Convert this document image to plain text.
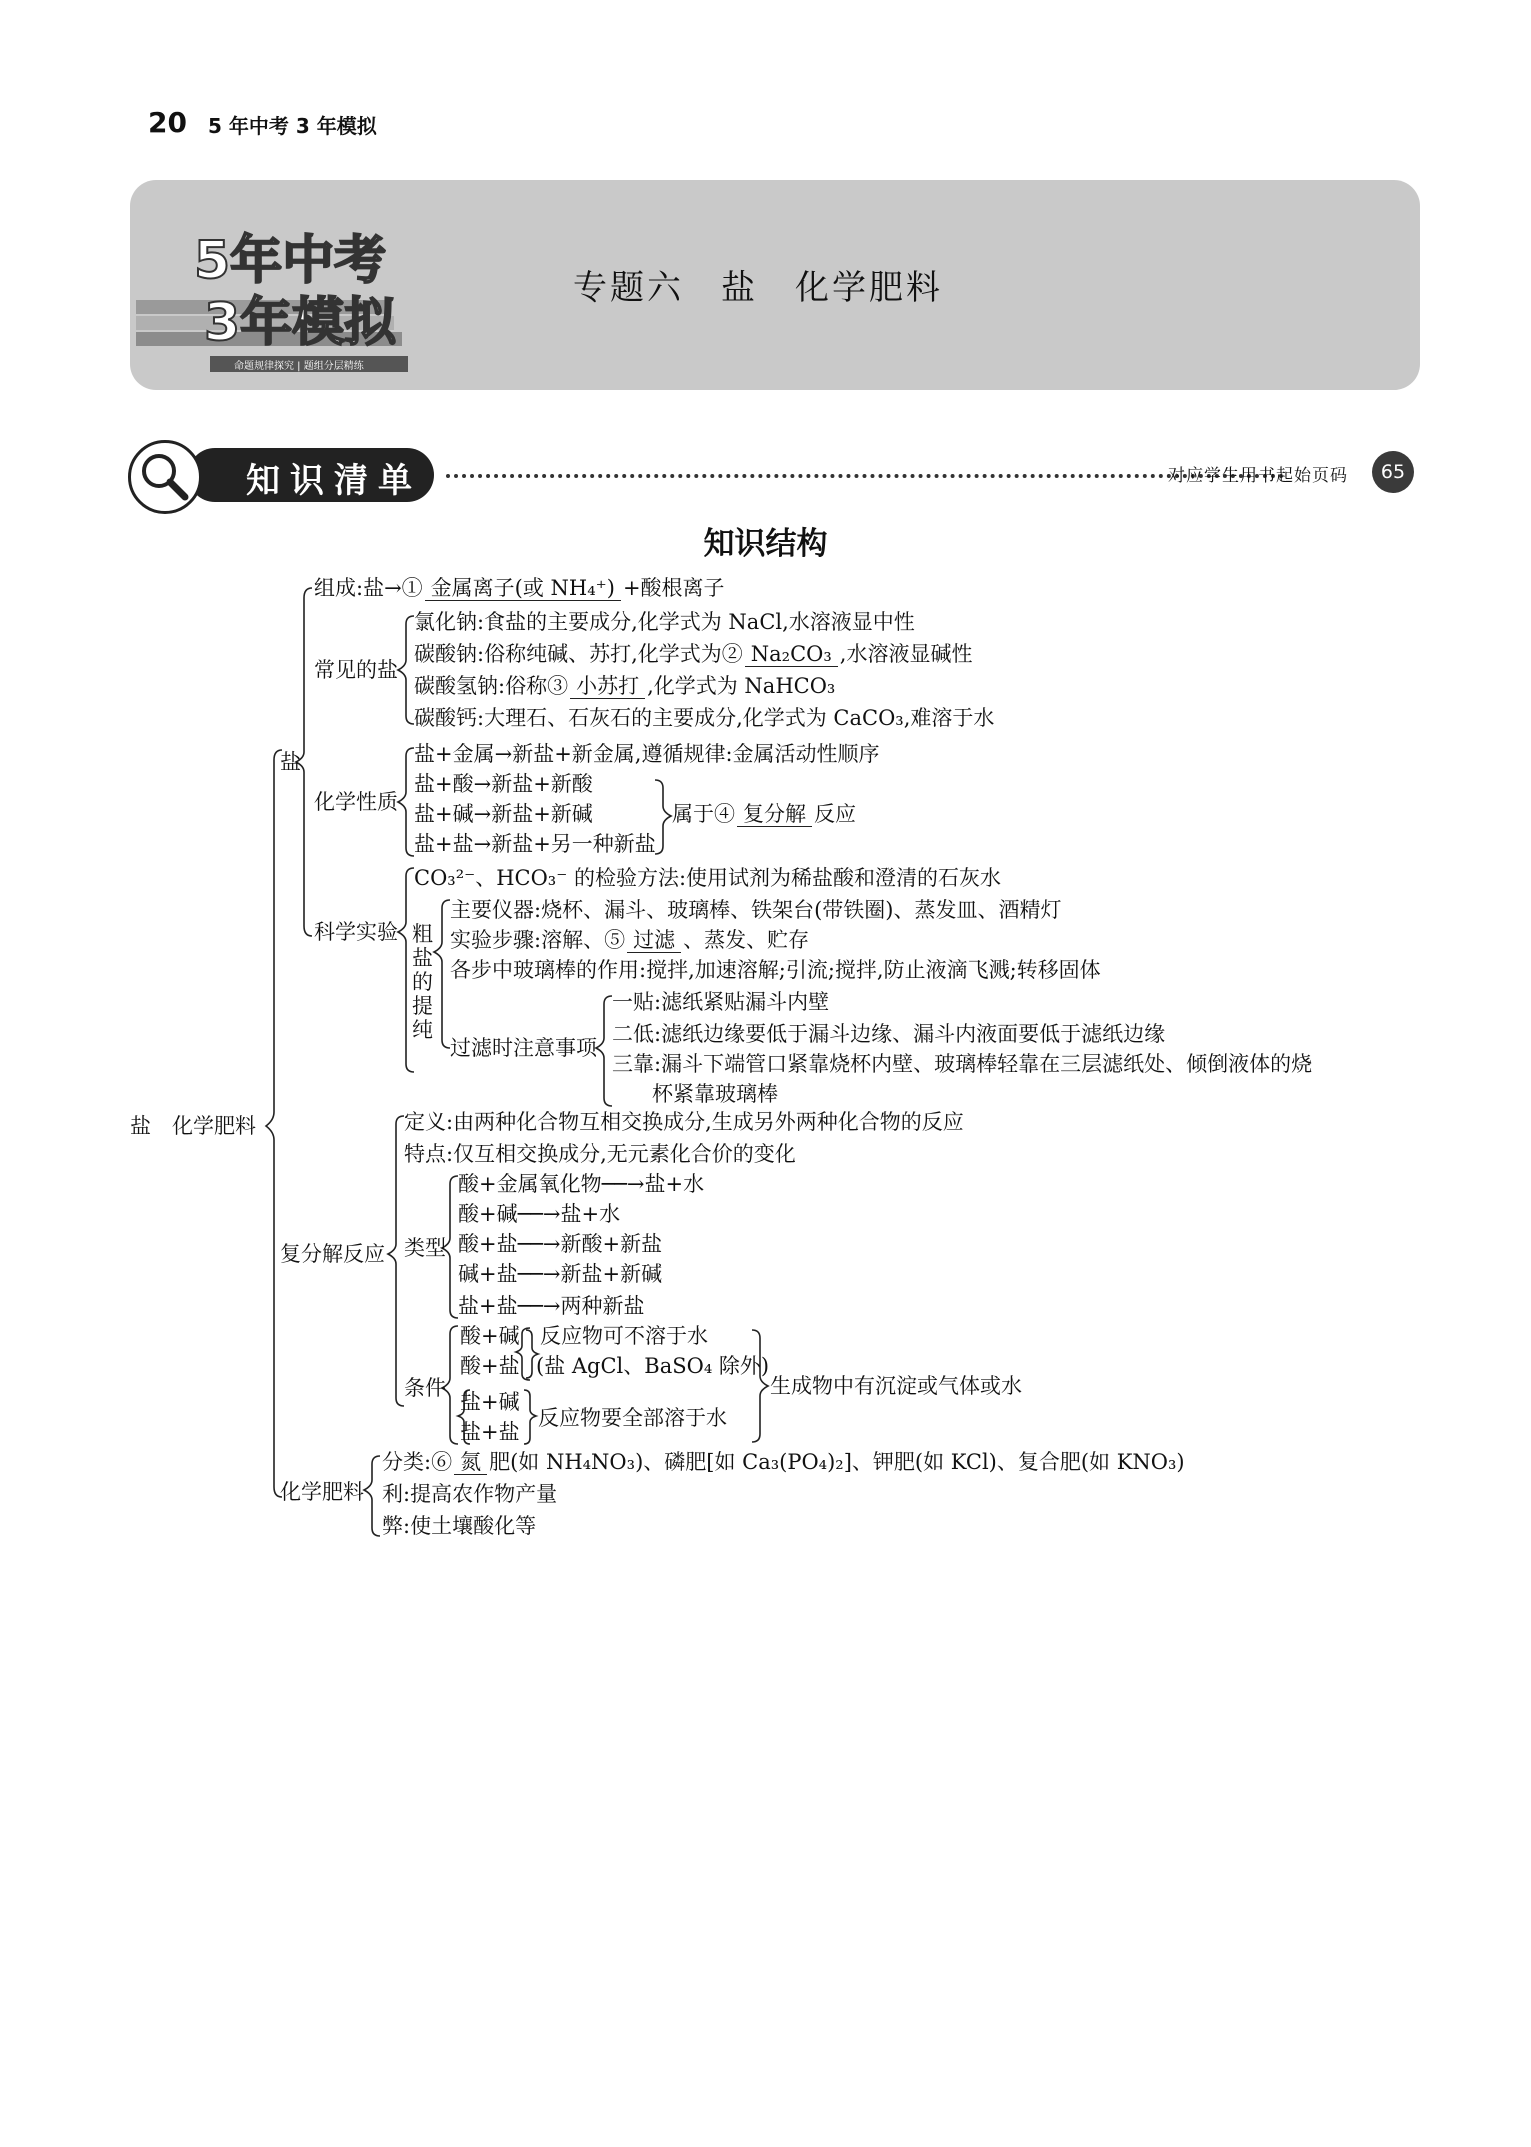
20 5 年中考 3 年模拟
5年中考
3年模拟
命题规律探究 | 题组分层精练
专题六　盐　化学肥料
知识清单	对应学生用书起始页码	65
知识结构
盐　化学肥料
盐
组成:盐→① 金属离子(或 NH₄⁺) +酸根离子
常见的盐
氯化钠:食盐的主要成分,化学式为 NaCl,水溶液显中性
碳酸钠:俗称纯碱、苏打,化学式为② Na₂CO₃ ,水溶液显碱性
碳酸氢钠:俗称③ 小苏打 ,化学式为 NaHCO₃
碳酸钙:大理石、石灰石的主要成分,化学式为 CaCO₃,难溶于水
化学性质
盐+金属→新盐+新金属,遵循规律:金属活动性顺序
盐+酸→新盐+新酸
盐+碱→新盐+新碱
盐+盐→新盐+另一种新盐
属于④ 复分解 反应
科学实验
CO₃²⁻、HCO₃⁻ 的检验方法:使用试剂为稀盐酸和澄清的石灰水
粗盐的提纯
主要仪器:烧杯、漏斗、玻璃棒、铁架台(带铁圈)、蒸发皿、酒精灯
实验步骤:溶解、⑤ 过滤 、蒸发、贮存
各步中玻璃棒的作用:搅拌,加速溶解;引流;搅拌,防止液滴飞溅;转移固体
过滤时注意事项
一贴:滤纸紧贴漏斗内壁
二低:滤纸边缘要低于漏斗边缘、漏斗内液面要低于滤纸边缘
三靠:漏斗下端管口紧靠烧杯内壁、玻璃棒轻靠在三层滤纸处、倾倒液体的烧
杯紧靠玻璃棒
复分解反应
定义:由两种化合物互相交换成分,生成另外两种化合物的反应
特点:仅互相交换成分,无元素化合价的变化
类型
酸+金属氧化物──→盐+水
酸+碱──→盐+水
酸+盐──→新酸+新盐
碱+盐──→新盐+新碱
盐+盐──→两种新盐
条件
酸+碱
酸+盐
反应物可不溶于水
(盐 AgCl、BaSO₄ 除外)
盐+碱
盐+盐
反应物要全部溶于水
生成物中有沉淀或气体或水
化学肥料
分类:⑥ 氮 肥(如 NH₄NO₃)、磷肥[如 Ca₃(PO₄)₂]、钾肥(如 KCl)、复合肥(如 KNO₃)
利:提高农作物产量
弊:使土壤酸化等
